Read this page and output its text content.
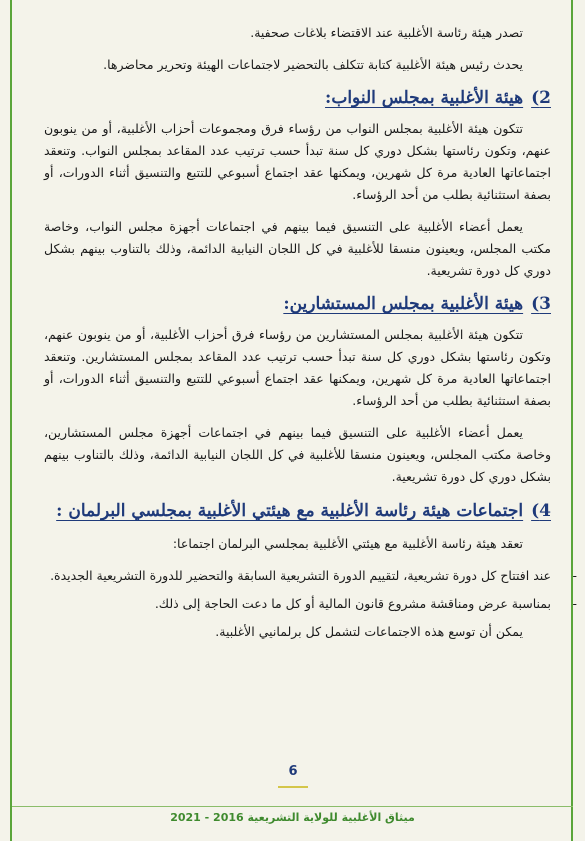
تصدر هيئة رئاسة الأغلبية عند الاقتضاء بلاغات صحفية.

يحدث رئيس هيئة الأغلبية كتابة تتكلف بالتحضير لاجتماعات الهيئة وتحرير محاضرها.

2)هيئة الأغلبية بمجلس النواب:

تتكون هيئة الأغلبية بمجلس النواب من رؤساء فرق ومجموعات أحزاب الأغلبية، أو من ينوبون عنهم، وتكون رئاستها بشكل دوري كل سنة تبدأ حسب ترتيب عدد المقاعد بمجلس النواب. وتنعقد اجتماعاتها العادية مرة كل شهرين، ويمكنها عقد اجتماع أسبوعي للتتبع والتنسيق أثناء الدورات، أو بصفة استثنائية بطلب من أحد الرؤساء.

يعمل أعضاء الأغلبية على التنسيق فيما بينهم في اجتماعات أجهزة مجلس النواب، وخاصة مكتب المجلس، ويعينون منسقا للأغلبية في كل اللجان النيابية الدائمة، وذلك بالتناوب بينهم بشكل دوري كل دورة تشريعية.

3)هيئة الأغلبية بمجلس المستشارين:

تتكون هيئة الأغلبية بمجلس المستشارين من رؤساء فرق أحزاب الأغلبية، أو من ينوبون عنهم، وتكون رئاستها بشكل دوري كل سنة تبدأ حسب ترتيب عدد المقاعد بمجلس المستشارين. وتنعقد اجتماعاتها العادية مرة كل شهرين، ويمكنها عقد اجتماع أسبوعي للتتبع والتنسيق أثناء الدورات، أو بصفة استثنائية بطلب من أحد الرؤساء.

يعمل أعضاء الأغلبية على التنسيق فيما بينهم في اجتماعات أجهزة مجلس المستشارين، وخاصة مكتب المجلس، ويعينون منسقا للأغلبية في كل اللجان النيابية الدائمة، وذلك بالتناوب بينهم بشكل دوري كل دورة تشريعية.

4)اجتماعات هيئة رئاسة الأغلبية مع هيئتي الأغلبية بمجلسي البرلمان :

تعقد هيئة رئاسة الأغلبية مع هيئتي الأغلبية بمجلسي البرلمان اجتماعا:

-
عند افتتاح كل دورة تشريعية، لتقييم الدورة التشريعية السابقة والتحضير للدورة التشريعية الجديدة.
-
بمناسبة عرض ومناقشة مشروع قانون المالية أو كل ما دعت الحاجة إلى ذلك.

يمكن أن توسع هذه الاجتماعات لتشمل كل برلمانيي الأغلبية.

6
ميثاق الأغلبية للولاية التشريعية 2016 - 2021
